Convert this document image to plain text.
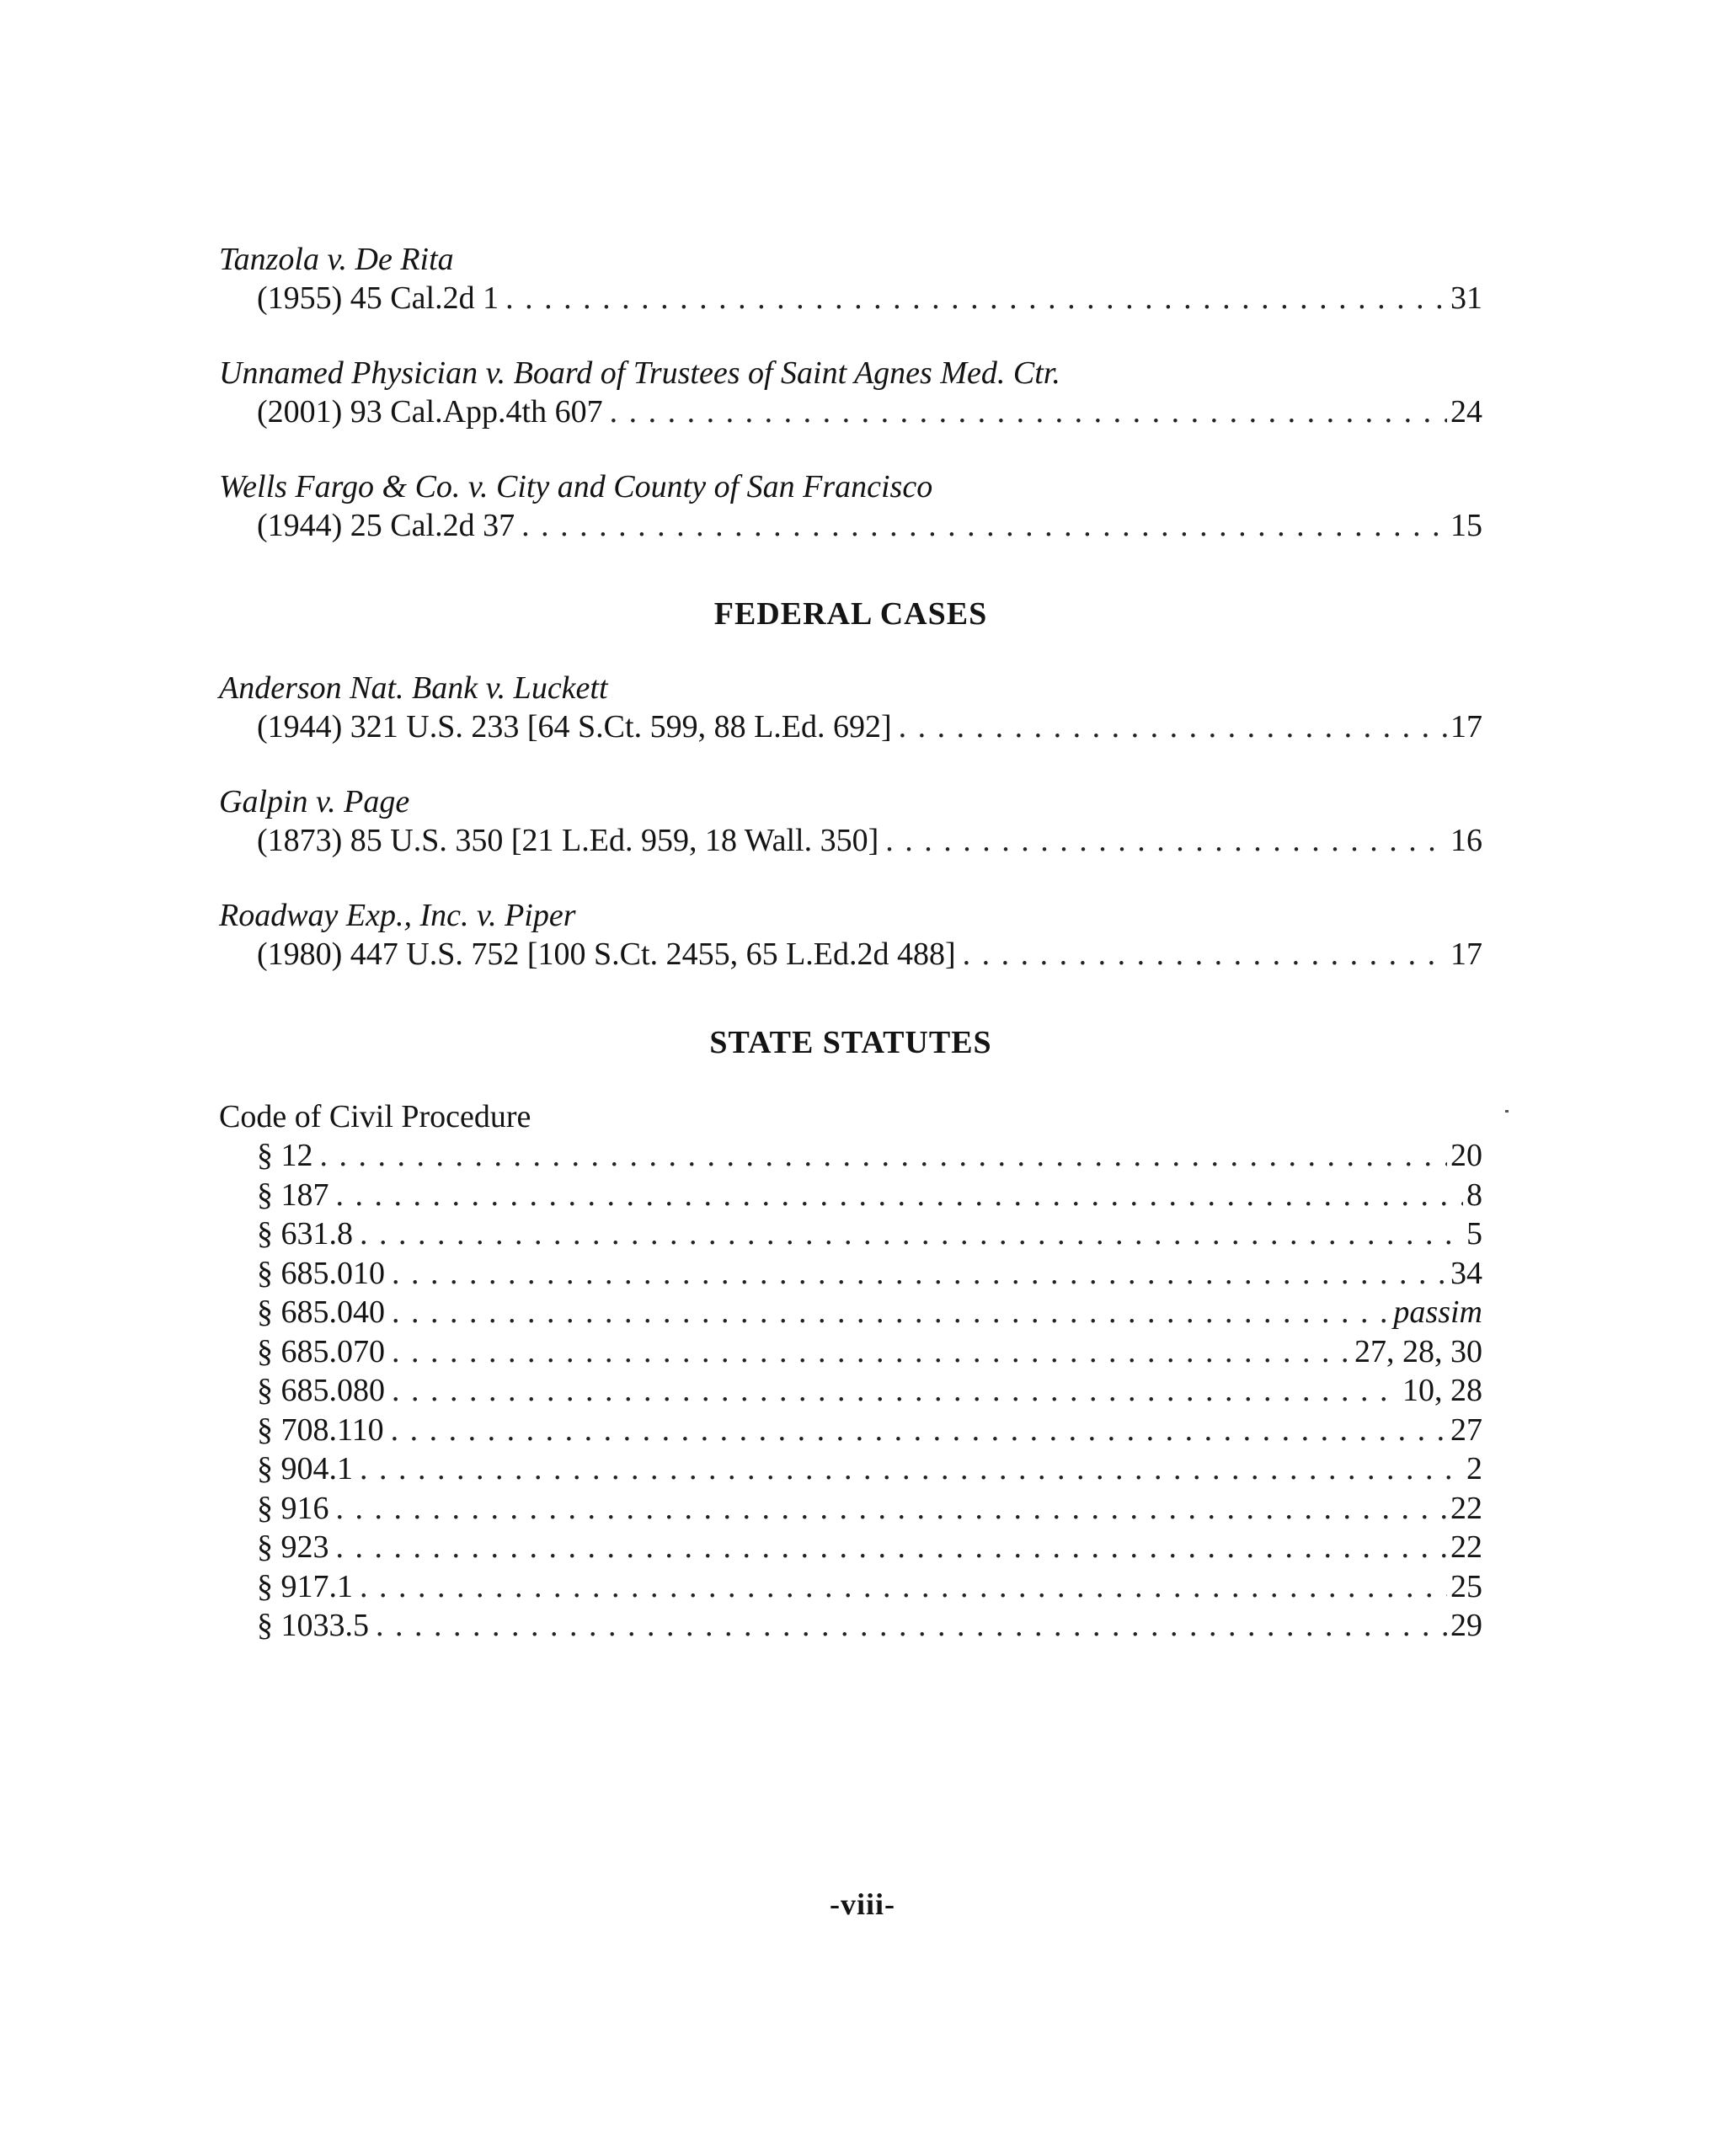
Tanzola v. De Rita
(1955) 45 Cal.2d 1 . . .	31
Unnamed Physician v. Board of Trustees of Saint Agnes Med. Ctr.
(2001) 93 Cal.App.4th 607 . . .	24
Wells Fargo & Co. v. City and County of San Francisco
(1944) 25 Cal.2d 37 . . .	15
FEDERAL CASES
Anderson Nat. Bank v. Luckett
(1944) 321 U.S. 233 [64 S.Ct. 599, 88 L.Ed. 692] . . .	17
Galpin v. Page
(1873) 85 U.S. 350 [21 L.Ed. 959, 18 Wall. 350] . . .	16
Roadway Exp., Inc. v. Piper
(1980) 447 U.S. 752 [100 S.Ct. 2455, 65 L.Ed.2d 488] . . .	17
STATE STATUTES
Code of Civil Procedure
§ 12 . . .	20
§ 187 . . .	8
§ 631.8 . . .	5
§ 685.010 . . .	34
§ 685.040 . . .	passim
§ 685.070 . . .	27, 28, 30
§ 685.080 . . .	10, 28
§ 708.110 . . .	27
§ 904.1 . . .	2
§ 916 . . .	22
§ 923 . . .	22
§ 917.1 . . .	25
§ 1033.5 . . .	29
-viii-
